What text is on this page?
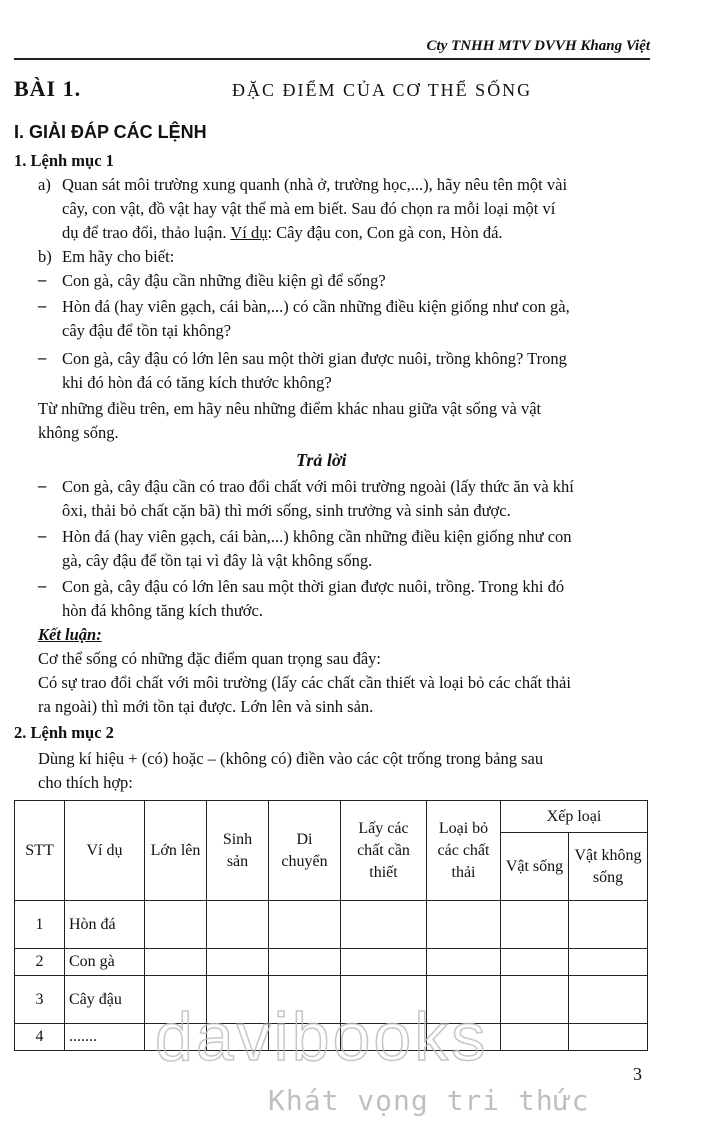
Cty TNHH MTV DVVH Khang Việt
BÀI 1.	ĐẶC ĐIỂM CỦA CƠ THỂ SỐNG
I. GIẢI ĐÁP CÁC LỆNH
1. Lệnh mục 1
a) Quan sát môi trường xung quanh (nhà ở, trường học,...), hãy nêu tên một vài
cây, con vật, đồ vật hay vật thể mà em biết. Sau đó chọn ra mỗi loại một ví
dụ để trao đổi, thảo luận. Ví dụ: Cây đậu con, Con gà con, Hòn đá.
b) Em hãy cho biết:
– Con gà, cây đậu cần những điều kiện gì để sống?
– Hòn đá (hay viên gạch, cái bàn,...) có cần những điều kiện giống như con gà,
cây đậu để tồn tại không?
– Con gà, cây đậu có lớn lên sau một thời gian được nuôi, trồng không? Trong
khi đó hòn đá có tăng kích thước không?
Từ những điều trên, em hãy nêu những điểm khác nhau giữa vật sống và vật
không sống.
Trả lời
– Con gà, cây đậu cần có trao đổi chất với môi trường ngoài (lấy thức ăn và khí
ôxi, thải bỏ chất cặn bã) thì mới sống, sinh trưởng và sinh sản được.
– Hòn đá (hay viên gạch, cái bàn,...) không cần những điều kiện giống như con
gà, cây đậu để tồn tại vì đây là vật không sống.
– Con gà, cây đậu có lớn lên sau một thời gian được nuôi, trồng. Trong khi đó
hòn đá không tăng kích thước.
Kết luận:
Cơ thể sống có những đặc điểm quan trọng sau đây:
Có sự trao đổi chất với môi trường (lấy các chất cần thiết và loại bỏ các chất thải
ra ngoài) thì mới tồn tại được. Lớn lên và sinh sản.
2. Lệnh mục 2
Dùng kí hiệu + (có) hoặc – (không có) điền vào các cột trống trong bảng sau
cho thích hợp:
STT	Ví dụ	Lớn lên	Sinh sản	Di chuyển	Lấy các chất cần thiết	Loại bỏ các chất thải	Xếp loại	
							Vật sống	Vật không sống
1	Hòn đá							
2	Con gà							
3	Cây đậu							
4	.......							davibooks
Khát vọng tri thức
3
